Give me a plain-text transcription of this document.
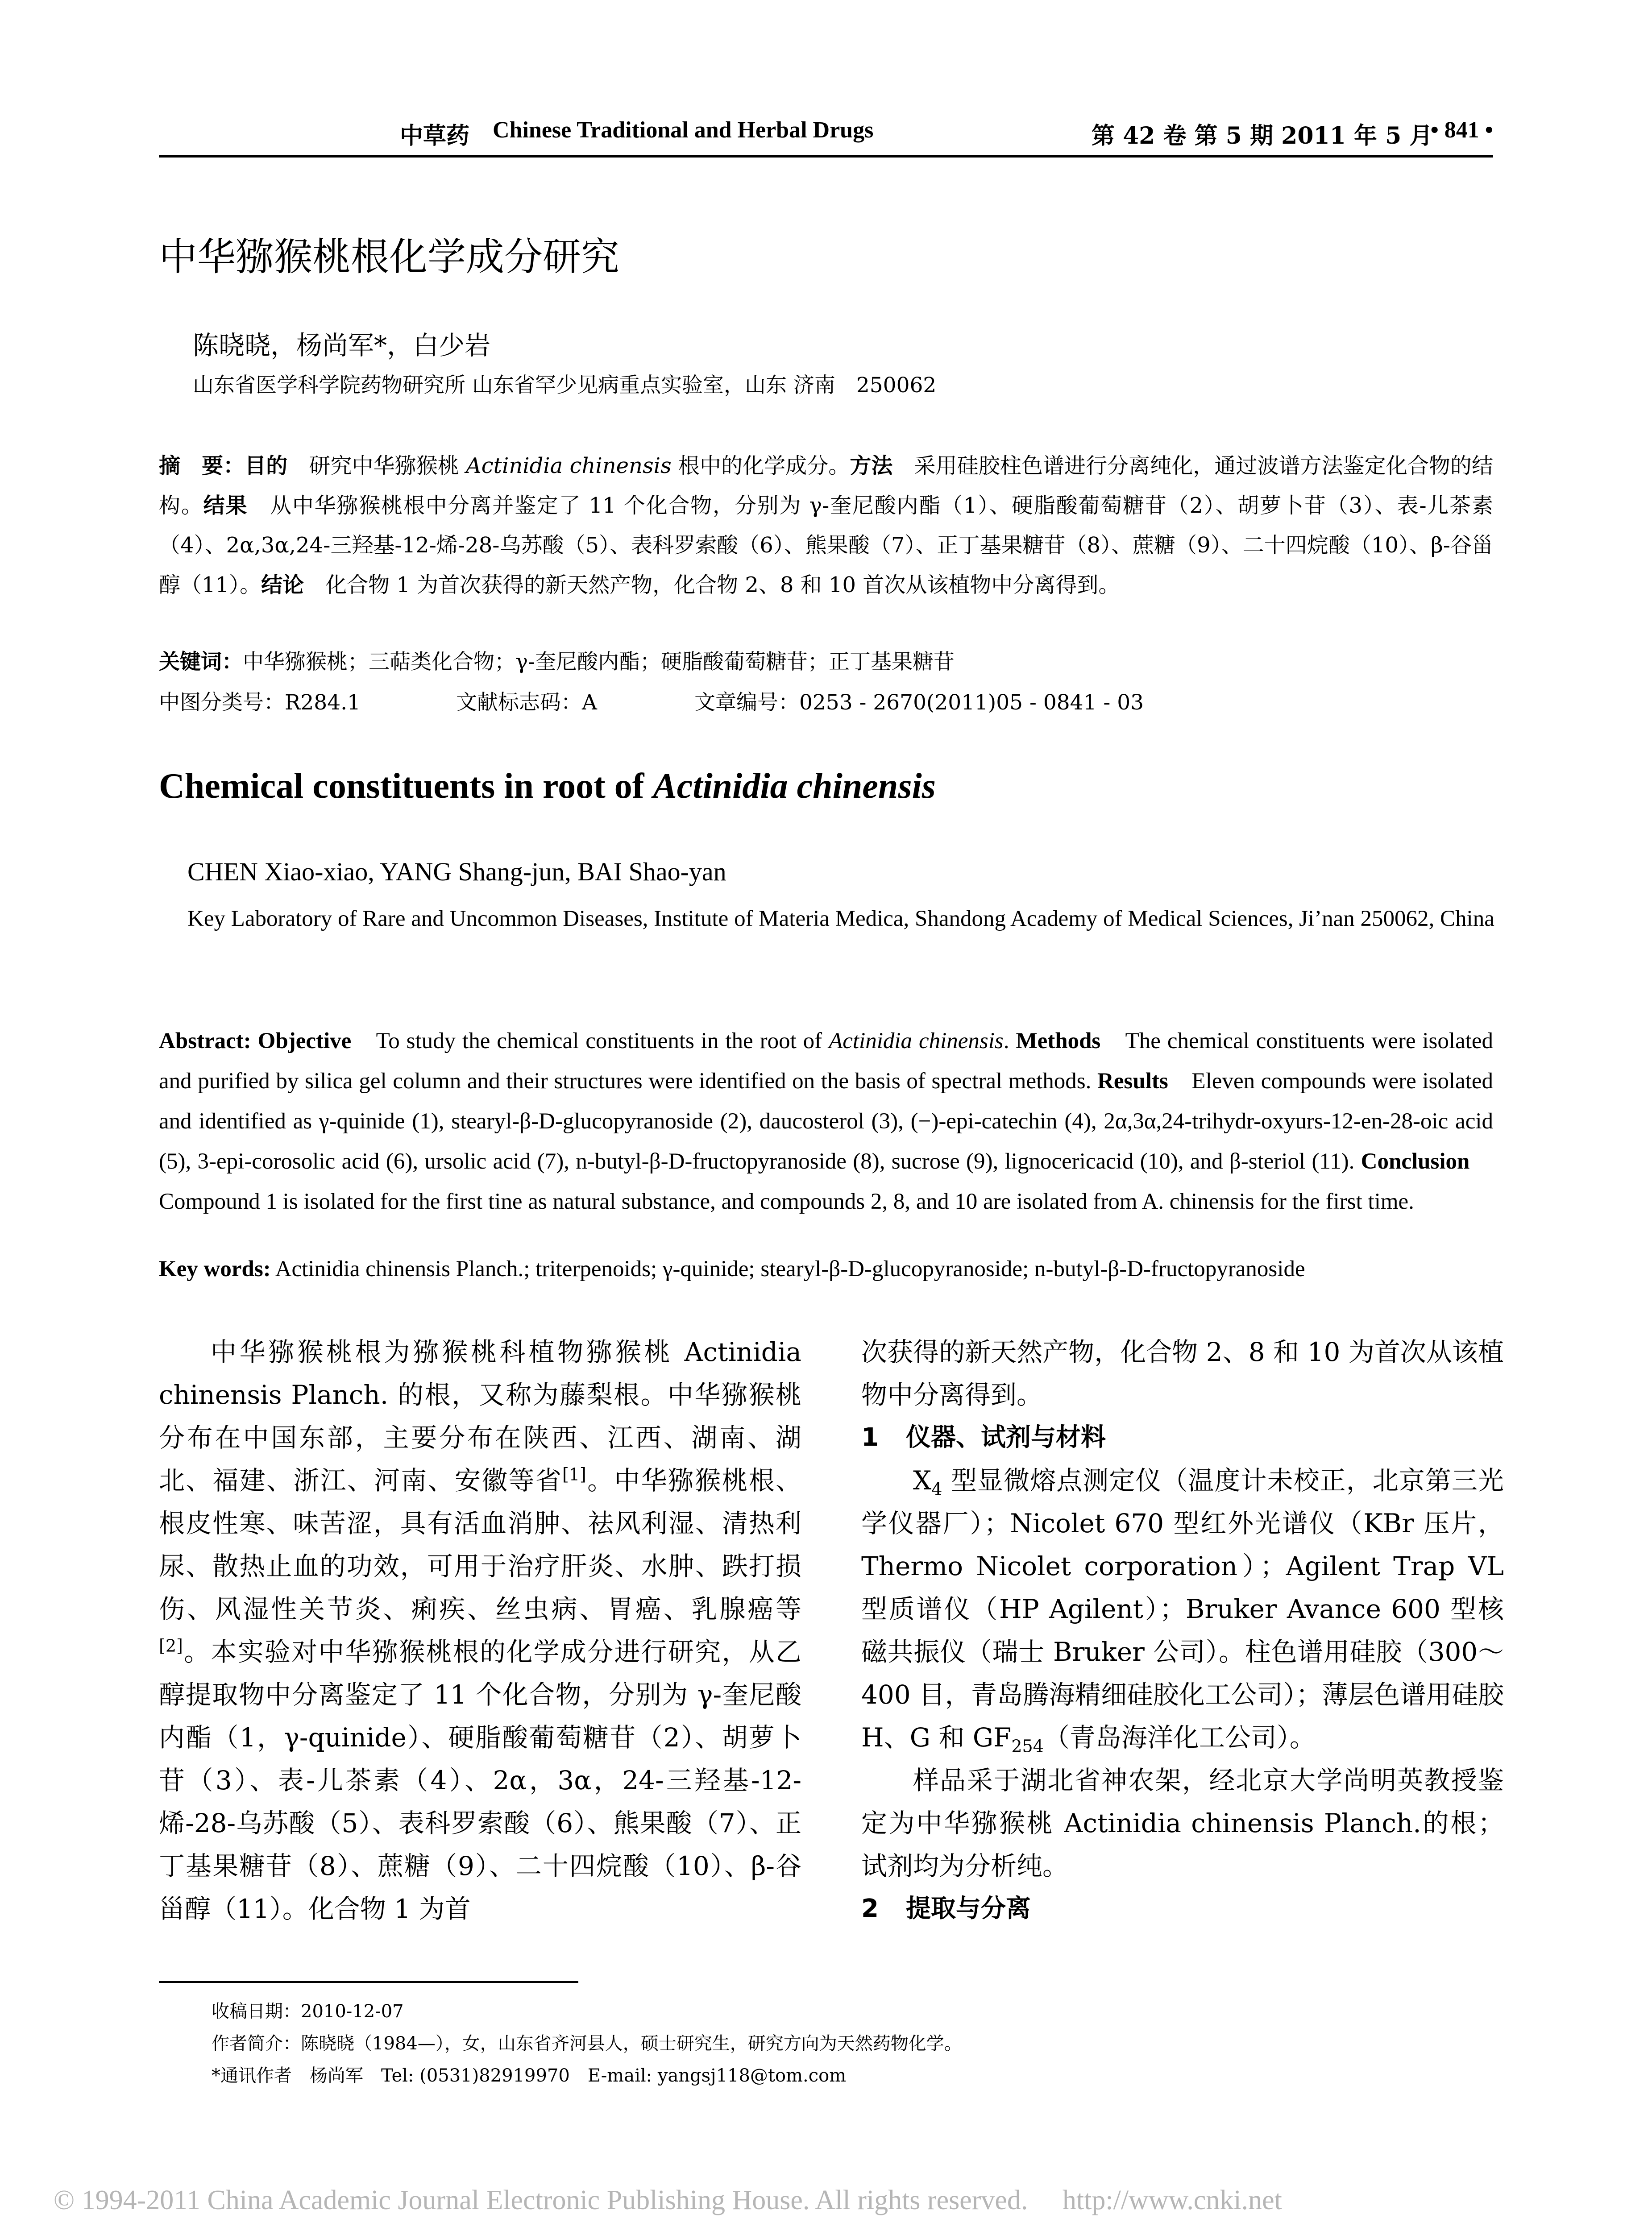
中草药 Chinese Traditional and Herbal Drugs	第 42 卷 第 5 期 2011 年 5 月
• 841 •
中华猕猴桃根化学成分研究
陈晓晓，杨尚军*，白少岩
山东省医学科学院药物研究所 山东省罕少见病重点实验室，山东 济南　250062
摘　要：目的　研究中华猕猴桃 Actinidia chinensis 根中的化学成分。方法　采用硅胶柱色谱进行分离纯化，通过波谱方法鉴定化合物的结构。结果　从中华猕猴桃根中分离并鉴定了 11 个化合物，分别为 γ-奎尼酸内酯（1）、硬脂酸葡萄糖苷（2）、胡萝卜苷（3）、表-儿茶素（4）、2α,3α,24-三羟基-12-烯-28-乌苏酸（5）、表科罗索酸（6）、熊果酸（7）、正丁基果糖苷（8）、蔗糖（9）、二十四烷酸（10）、β-谷甾醇（11）。结论　化合物 1 为首次获得的新天然产物，化合物 2、8 和 10 首次从该植物中分离得到。
关键词：中华猕猴桃；三萜类化合物；γ-奎尼酸内酯；硬脂酸葡萄糖苷；正丁基果糖苷
中图分类号：R284.1	文献标志码：A	文章编号：0253 - 2670(2011)05 - 0841 - 03
Chemical constituents in root of Actinidia chinensis
CHEN Xiao-xiao, YANG Shang-jun, BAI Shao-yan
Key Laboratory of Rare and Uncommon Diseases, Institute of Materia Medica, Shandong Academy of Medical Sciences, Ji’nan 250062, China
Abstract: Objective　To study the chemical constituents in the root of Actinidia chinensis. Methods　The chemical constituents were isolated and purified by silica gel column and their structures were identified on the basis of spectral methods. Results　Eleven compounds were isolated and identified as γ-quinide (1), stearyl-β-D-glucopyranoside (2), daucosterol (3), (−)-epi-catechin (4), 2α,3α,24-trihydr-oxyurs-12-en-28-oic acid (5), 3-epi-corosolic acid (6), ursolic acid (7), n-butyl-β-D-fructopyranoside (8), sucrose (9), lignocericacid (10), and β-steriol (11). Conclusion　Compound 1 is isolated for the first tine as natural substance, and compounds 2, 8, and 10 are isolated from A. chinensis for the first time.
Key words: Actinidia chinensis Planch.; triterpenoids; γ-quinide; stearyl-β-D-glucopyranoside; n-butyl-β-D-fructopyranoside

中华猕猴桃根为猕猴桃科植物猕猴桃 Actinidia chinensis Planch. 的根，又称为藤梨根。中华猕猴桃分布在中国东部，主要分布在陕西、江西、湖南、湖北、福建、浙江、河南、安徽等省[1]。中华猕猴桃根、根皮性寒、味苦涩，具有活血消肿、祛风利湿、清热利尿、散热止血的功效，可用于治疗肝炎、水肿、跌打损伤、风湿性关节炎、痢疾、丝虫病、胃癌、乳腺癌等[2]。本实验对中华猕猴桃根的化学成分进行研究，从乙醇提取物中分离鉴定了 11 个化合物，分别为 γ-奎尼酸内酯（1，γ-quinide）、硬脂酸葡萄糖苷（2）、胡萝卜苷（3）、表-儿茶素（4）、2α，3α，24-三羟基-12-烯-28-乌苏酸（5）、表科罗索酸（6）、熊果酸（7）、正丁基果糖苷（8）、蔗糖（9）、二十四烷酸（10）、β-谷甾醇（11）。化合物 1 为首

次获得的新天然产物，化合物 2、8 和 10 为首次从该植物中分离得到。

1 仪器、试剂与材料

$X_4$ 型显微熔点测定仪（温度计未校正，北京第三光学仪器厂）；Nicolet 670 型红外光谱仪（KBr 压片，Thermo Nicolet corporation）；Agilent Trap VL 型质谱仪（HP Agilent）；Bruker Avance 600 型核磁共振仪（瑞士 Bruker 公司）。柱色谱用硅胶（300～400 目，青岛腾海精细硅胶化工公司）；薄层色谱用硅胶 H、G 和 $GF_{254}$（青岛海洋化工公司）。

样品采于湖北省神农架，经北京大学尚明英教授鉴定为中华猕猴桃 Actinidia chinensis Planch.的根；试剂均为分析纯。

2 提取与分离

收稿日期：2010-12-07
作者简介：陈晓晓（1984—），女，山东省齐河县人，硕士研究生，研究方向为天然药物化学。
*通讯作者　杨尚军　Tel: (0531)82919970　E-mail: yangsj118@tom.com
© 1994-2011 China Academic Journal Electronic Publishing House. All rights reserved.　 http://www.cnki.net
